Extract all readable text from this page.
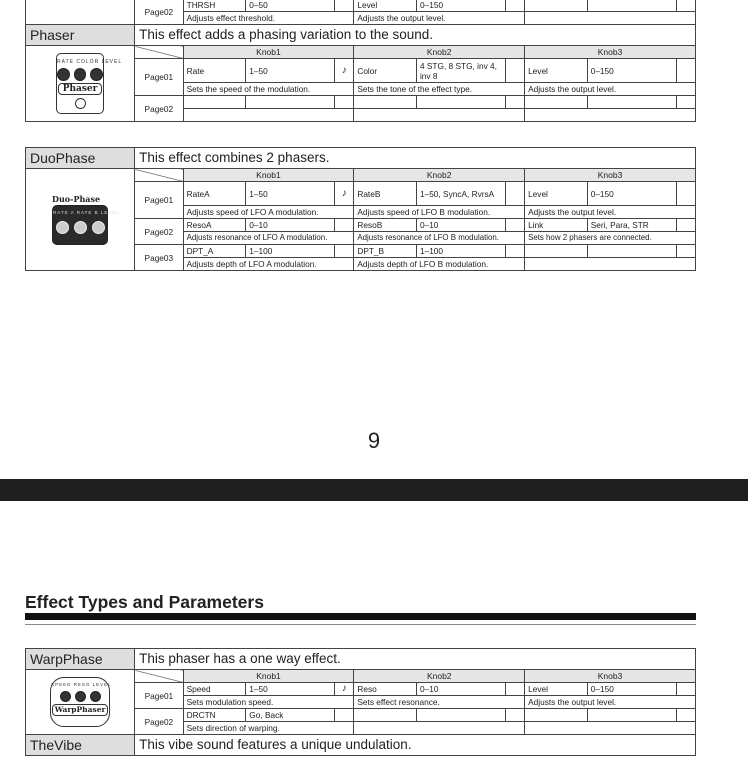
	Page02	THRSH	0–50		Level	0–150				
		Adjusts effect threshold.			Adjusts the output level.					
Phaser	This effect adds a phasing variation to the sound.									

RATE COLOR LEVEL
Phaser		Knob1			Knob2			Knob3		
	Page01	Rate	1–50	♪	Color	4 STG, 8 STG, inv 4, inv 8		Level	0–150	
		Sets the speed of the modulation.			Sets the tone of the effect type.			Adjusts the output level.		
	Page02									

DuoPhase	This effect combines 2 phasers.									

Duo-Phase
RATE A RATE B LEVEL		Knob1			Knob2			Knob3		
	Page01	RateA	1–50	♪	RateB	1–50, SyncA, RvrsA		Level	0–150	
		Adjusts speed of LFO A modulation.			Adjusts speed of LFO B modulation.			Adjusts the output level.		
	Page02	ResoA	0–10		ResoB	0–10		Link	Seri, Para, STR	
		Adjusts resonance of LFO A modulation.			Adjusts resonance of LFO B modulation.			Sets how 2 phasers are connected.		
	Page03	DPT_A	1–100		DPT_B	1–100				
		Adjusts depth of LFO A modulation.			Adjusts depth of LFO B modulation.					
9
Effect Types and Parameters
WarpPhase	This phaser has a one way effect.									

SPEED RESO LEVEL
WarpPhaser		Knob1			Knob2			Knob3		
	Page01	Speed	1–50	♪	Reso	0–10		Level	0–150	
		Sets modulation speed.			Sets effect resonance.			Adjusts the output level.		
	Page02	DRCTN	Go, Back							
		Sets direction of warping.								
TheVibe	This vibe sound features a unique undulation.									
